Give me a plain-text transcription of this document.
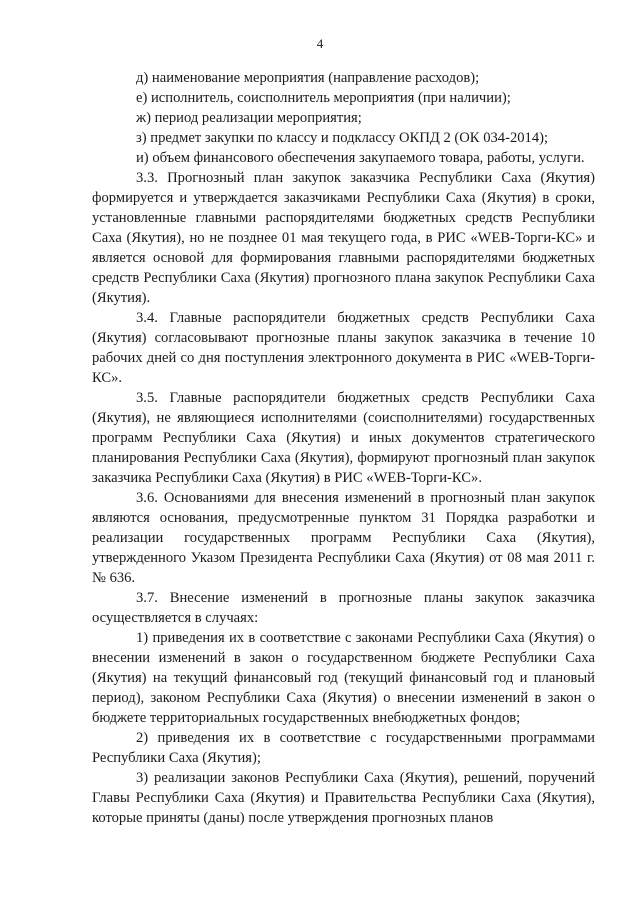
4

д) наименование мероприятия (направление расходов);

е) исполнитель, соисполнитель мероприятия (при наличии);

ж) период реализации мероприятия;

з) предмет закупки по классу и подклассу ОКПД 2 (ОК 034-2014);

и) объем финансового обеспечения закупаемого товара, работы, услуги.

3.3. Прогнозный план закупок заказчика Республики Саха (Якутия) формируется и утверждается заказчиками Республики Саха (Якутия) в сроки, установленные главными распорядителями бюджетных средств Республики Саха (Якутия), но не позднее 01 мая текущего года, в РИС «WEB-Торги-КС» и является основой для формирования главными распорядителями бюджетных средств Республики Саха (Якутия) прогнозного плана закупок Республики Саха (Якутия).

3.4. Главные распорядители бюджетных средств Республики Саха (Якутия) согласовывают прогнозные планы закупок заказчика в течение 10 рабочих дней со дня поступления электронного документа в РИС «WEB-Торги-КС».

3.5. Главные распорядители бюджетных средств Республики Саха (Якутия), не являющиеся исполнителями (соисполнителями) государственных программ Республики Саха (Якутия) и иных документов стратегического планирования Республики Саха (Якутия), формируют прогнозный план закупок заказчика Республики Саха (Якутия) в РИС «WEB-Торги-КС».

3.6. Основаниями для внесения изменений в прогнозный план закупок являются основания, предусмотренные пунктом 31 Порядка разработки и реализации государственных программ Республики Саха (Якутия), утвержденного Указом Президента Республики Саха (Якутия) от 08 мая 2011 г. № 636.

3.7. Внесение изменений в прогнозные планы закупок заказчика осуществляется в случаях:

1) приведения их в соответствие с законами Республики Саха (Якутия) о внесении изменений в закон о государственном бюджете Республики Саха (Якутия) на текущий финансовый год (текущий финансовый год и плановый период), законом Республики Саха (Якутия) о внесении изменений в закон о бюджете территориальных государственных внебюджетных фондов;

2) приведения их в соответствие с государственными программами Республики Саха (Якутия);

3) реализации законов Республики Саха (Якутия), решений, поручений Главы Республики Саха (Якутия) и Правительства Республики Саха (Якутия), которые приняты (даны) после утверждения прогнозных планов
